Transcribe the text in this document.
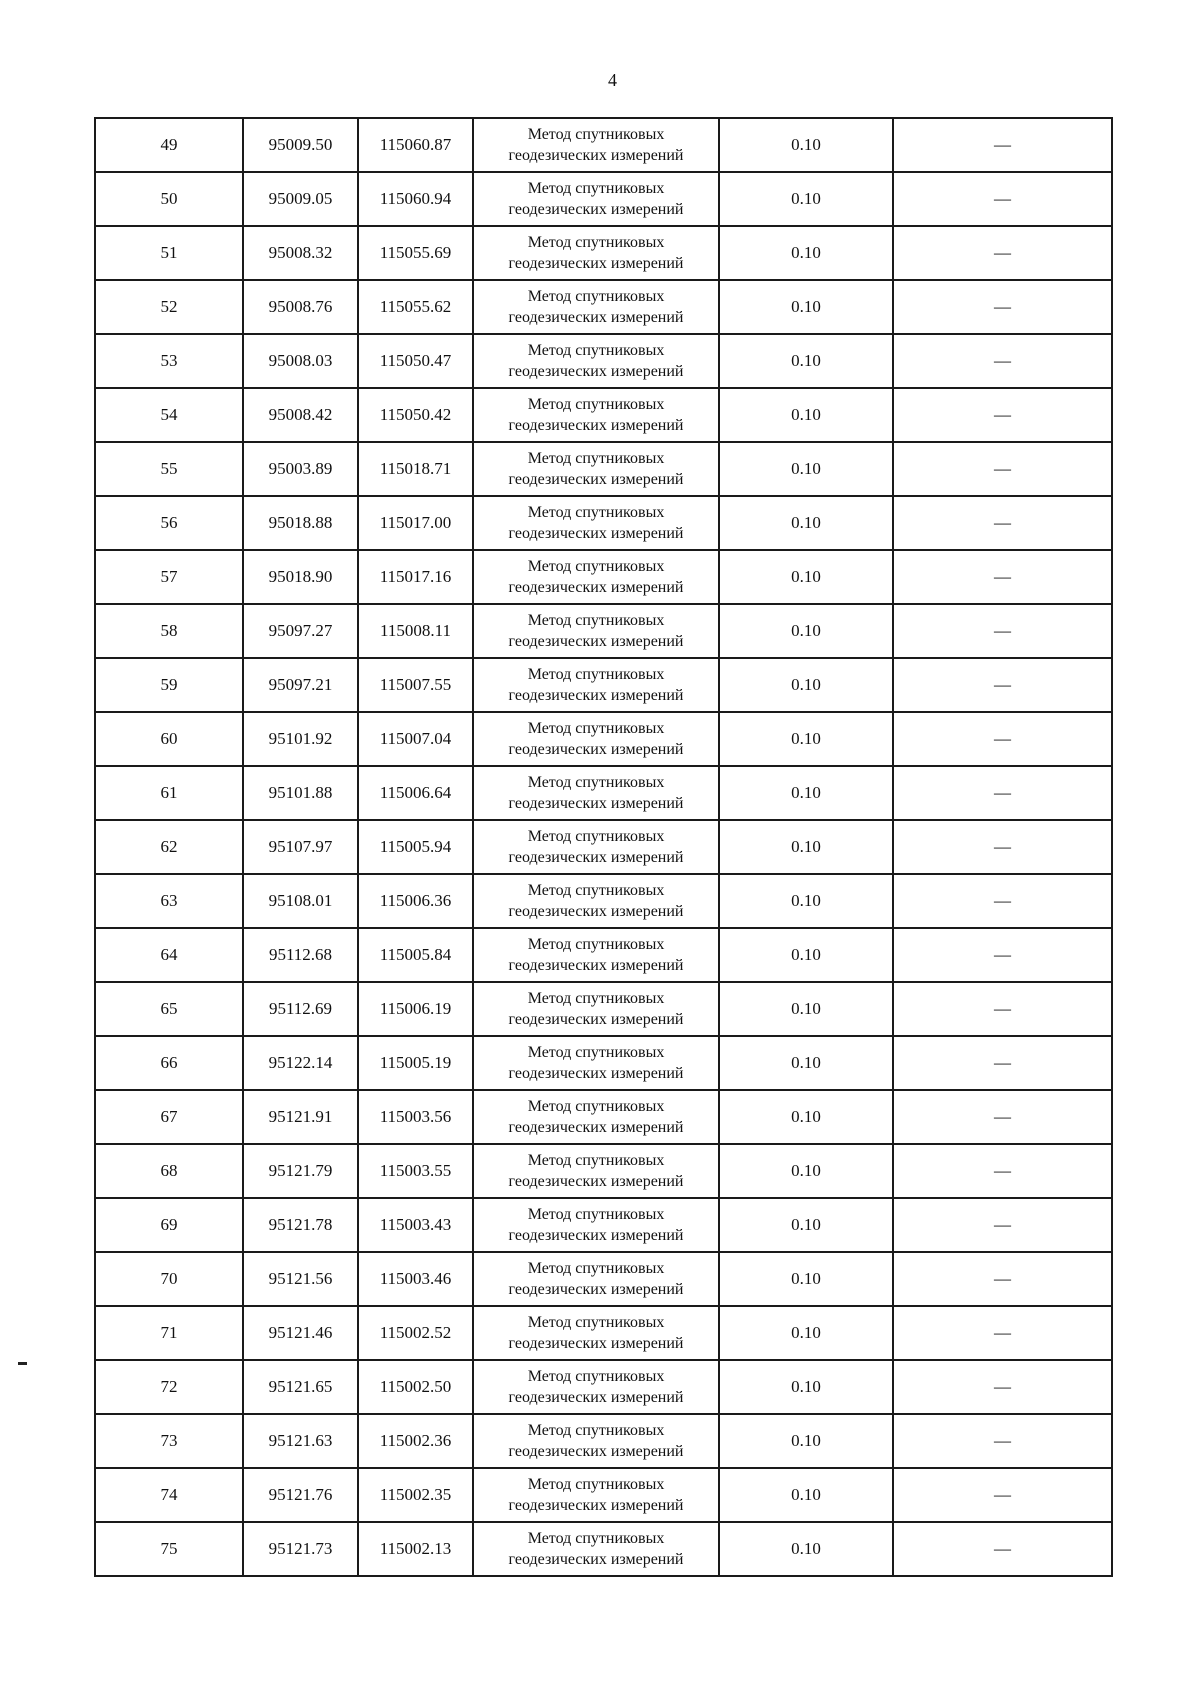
4
49	95009.50	115060.87	Метод спутниковых
геодезических измерений	0.10	—
50	95009.05	115060.94	Метод спутниковых
геодезических измерений	0.10	—
51	95008.32	115055.69	Метод спутниковых
геодезических измерений	0.10	—
52	95008.76	115055.62	Метод спутниковых
геодезических измерений	0.10	—
53	95008.03	115050.47	Метод спутниковых
геодезических измерений	0.10	—
54	95008.42	115050.42	Метод спутниковых
геодезических измерений	0.10	—
55	95003.89	115018.71	Метод спутниковых
геодезических измерений	0.10	—
56	95018.88	115017.00	Метод спутниковых
геодезических измерений	0.10	—
57	95018.90	115017.16	Метод спутниковых
геодезических измерений	0.10	—
58	95097.27	115008.11	Метод спутниковых
геодезических измерений	0.10	—
59	95097.21	115007.55	Метод спутниковых
геодезических измерений	0.10	—
60	95101.92	115007.04	Метод спутниковых
геодезических измерений	0.10	—
61	95101.88	115006.64	Метод спутниковых
геодезических измерений	0.10	—
62	95107.97	115005.94	Метод спутниковых
геодезических измерений	0.10	—
63	95108.01	115006.36	Метод спутниковых
геодезических измерений	0.10	—
64	95112.68	115005.84	Метод спутниковых
геодезических измерений	0.10	—
65	95112.69	115006.19	Метод спутниковых
геодезических измерений	0.10	—
66	95122.14	115005.19	Метод спутниковых
геодезических измерений	0.10	—
67	95121.91	115003.56	Метод спутниковых
геодезических измерений	0.10	—
68	95121.79	115003.55	Метод спутниковых
геодезических измерений	0.10	—
69	95121.78	115003.43	Метод спутниковых
геодезических измерений	0.10	—
70	95121.56	115003.46	Метод спутниковых
геодезических измерений	0.10	—
71	95121.46	115002.52	Метод спутниковых
геодезических измерений	0.10	—
72	95121.65	115002.50	Метод спутниковых
геодезических измерений	0.10	—
73	95121.63	115002.36	Метод спутниковых
геодезических измерений	0.10	—
74	95121.76	115002.35	Метод спутниковых
геодезических измерений	0.10	—
75	95121.73	115002.13	Метод спутниковых
геодезических измерений	0.10	—
